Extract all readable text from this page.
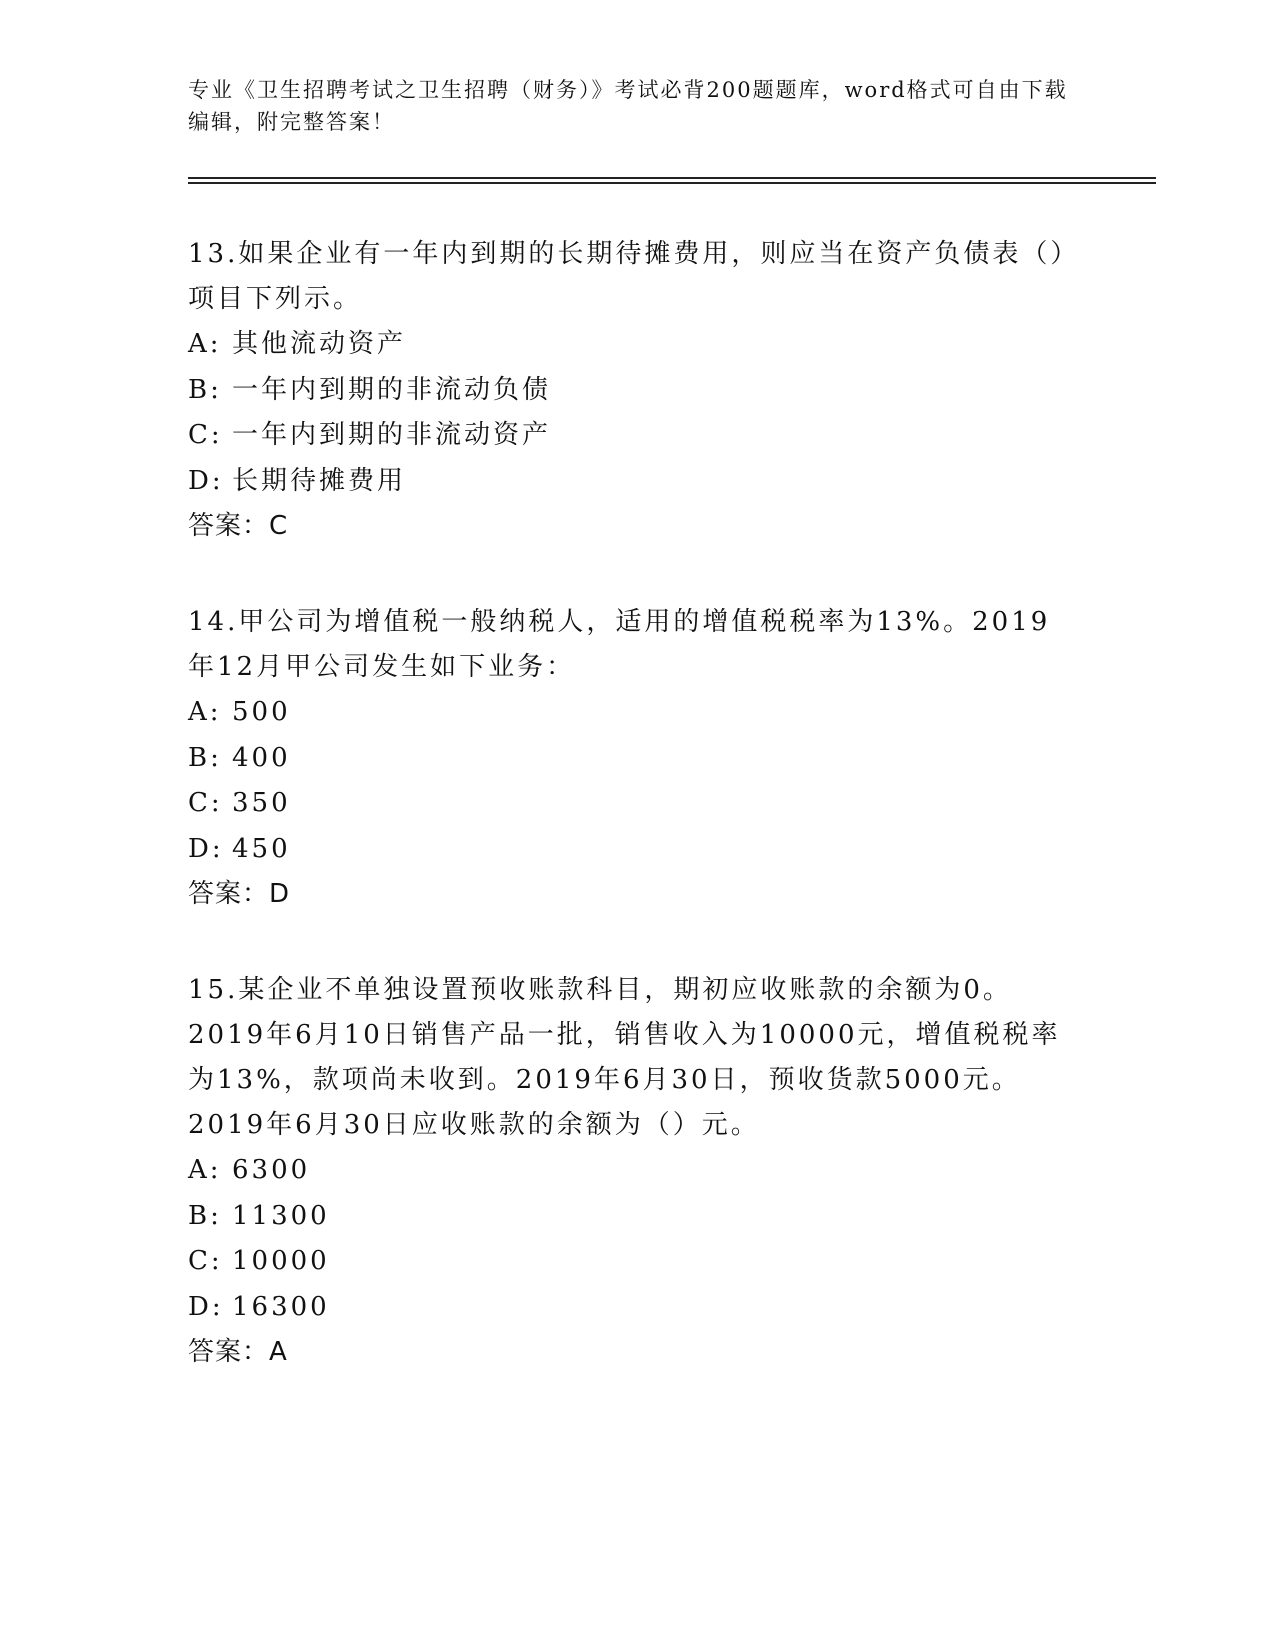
专业《卫生招聘考试之卫生招聘（财务）》考试必背200题题库，word格式可自由下载编辑，附完整答案！

13.如果企业有一年内到期的长期待摊费用，则应当在资产负债表（）项目下列示。

A: 其他流动资产
B: 一年内到期的非流动负债
C: 一年内到期的非流动资产
D: 长期待摊费用

答案：C

14.甲公司为增值税一般纳税人，适用的增值税税率为13%。2019年12月甲公司发生如下业务：

A: 500
B: 400
C: 350
D: 450

答案：D

15.某企业不单独设置预收账款科目，期初应收账款的余额为0。2019年6月10日销售产品一批，销售收入为10000元，增值税税率为13%，款项尚未收到。2019年6月30日，预收货款5000元。2019年6月30日应收账款的余额为（）元。

A: 6300
B: 11300
C: 10000
D: 16300

答案：A
